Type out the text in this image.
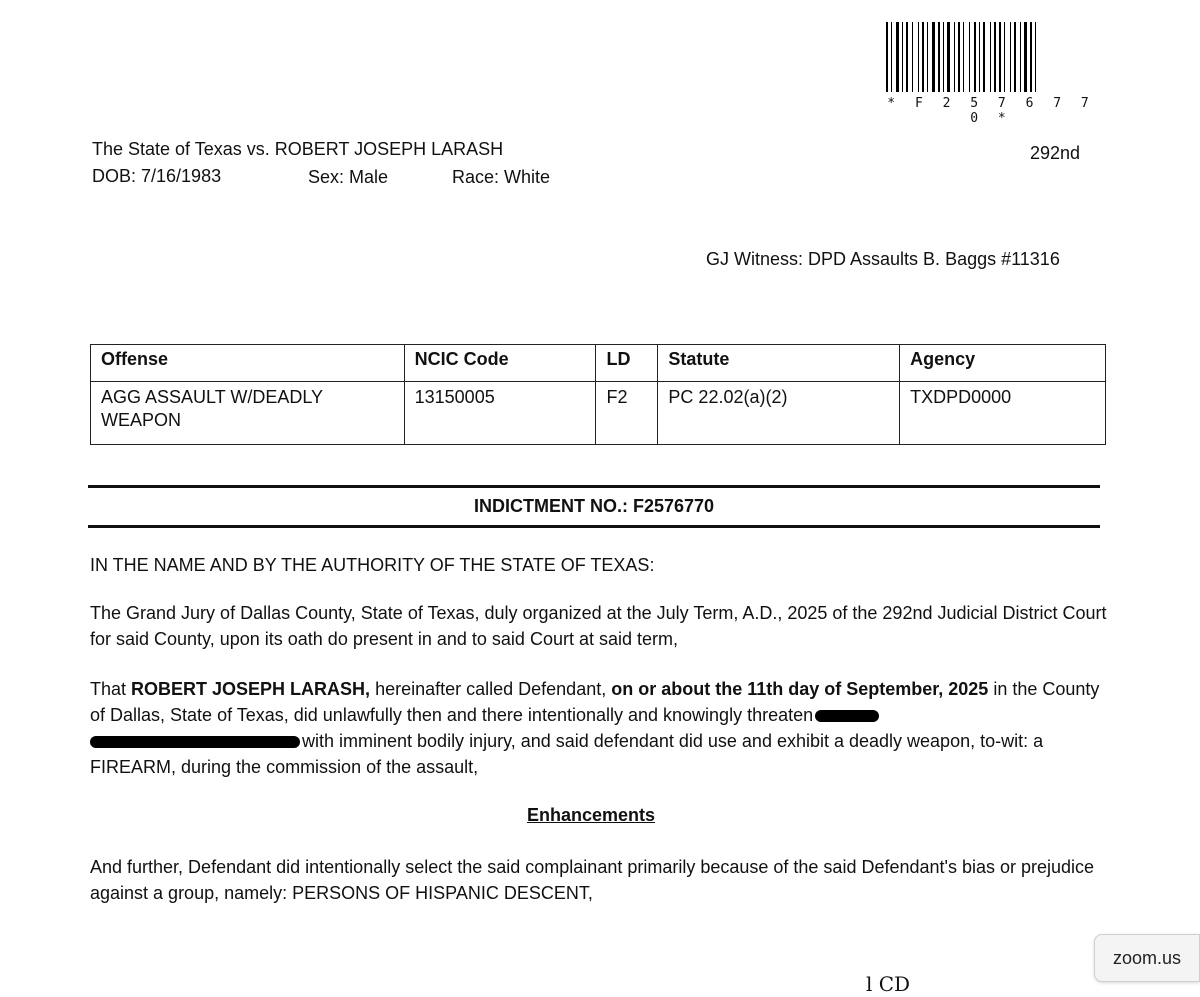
* F 2 5 7 6 7 7 0 *
The State of Texas vs. ROBERT JOSEPH LARASH	292nd
DOB: 7/16/1983	Sex: Male	Race: White
GJ Witness: DPD Assaults B. Baggs #11316
Offense	NCIC Code	LD	Statute	Agency
AGG ASSAULT W/DEADLY WEAPON	13150005	F2	PC 22.02(a)(2)	TXDPD0000
INDICTMENT NO.: F2576770
IN THE NAME AND BY THE AUTHORITY OF THE STATE OF TEXAS:
The Grand Jury of Dallas County, State of Texas, duly organized at the July Term, A.D., 2025 of the 292nd Judicial District Court for said County, upon its oath do present in and to said Court at said term,
That ROBERT JOSEPH LARASH, hereinafter called Defendant, on or about the 11th day of September, 2025 in the County of Dallas, State of Texas, did unlawfully then and there intentionally and knowingly threaten
with imminent bodily injury, and said defendant did use and exhibit a deadly weapon, to-wit: a FIREARM, during the commission of the assault,
Enhancements
And further, Defendant did intentionally select the said complainant primarily because of the said Defendant's bias or prejudice against a group, namely: PERSONS OF HISPANIC DESCENT,
l CD
zoom.us
